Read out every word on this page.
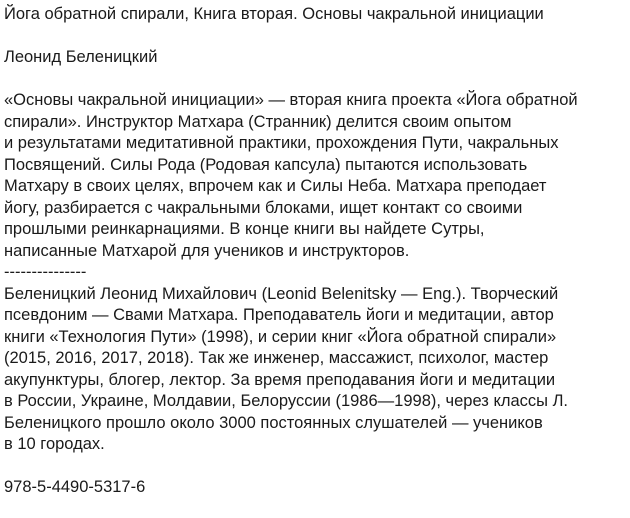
Йога обратной спирали, Книга вторая. Основы чакральной инициации
Леонид Беленицкий
«Основы чакральной инициации» — вторая книга проекта «Йога обратной
спирали». Инструктор Матхара (Странник) делится своим опытом
и результатами медитативной практики, прохождения Пути, чакральных
Посвящений. Силы Рода (Родовая капсула) пытаются использовать
Матхару в своих целях, впрочем как и Силы Неба. Матхара преподает
йогу, разбирается с чакральными блоками, ищет контакт со своими
прошлыми реинкарнациями. В конце книги вы найдете Сутры,
написанные Матхарой для учеников и инструкторов.
---------------
Беленицкий Леонид Михайлович (Leonid Belenitsky — Eng.). Творческий
псевдоним — Свами Матхара. Преподаватель йоги и медитации, автор
книги «Технология Пути» (1998), и серии книг «Йога обратной спирали»
(2015, 2016, 2017, 2018). Так же инженер, массажист, психолог, мастер
акупунктуры, блогер, лектор. За время преподавания йоги и медитации
в России, Украине, Молдавии, Белоруссии (1986—1998), через классы Л.
Беленицкого прошло около 3000 постоянных слушателей — учеников
в 10 городах.
978-5-4490-5317-6
